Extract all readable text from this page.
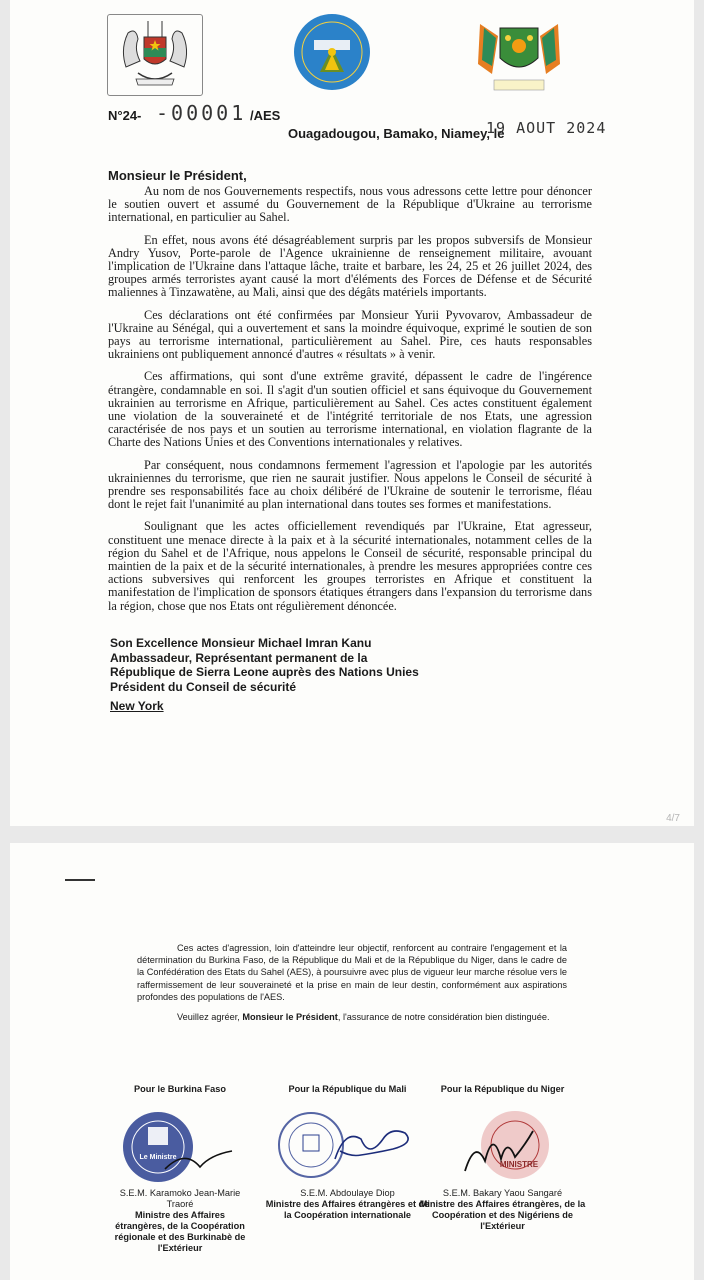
N°24- -00001 /AES
Ouagadougou, Bamako, Niamey, le
19 AOUT 2024
Monsieur le Président,

Au nom de nos Gouvernements respectifs, nous vous adressons cette lettre pour dénoncer le soutien ouvert et assumé du Gouvernement de la République d'Ukraine au terrorisme international, en particulier au Sahel.

En effet, nous avons été désagréablement surpris par les propos subversifs de Monsieur Andry Yusov, Porte-parole de l'Agence ukrainienne de renseignement militaire, avouant l'implication de l'Ukraine dans l'attaque lâche, traite et barbare, les 24, 25 et 26 juillet 2024, des groupes armés terroristes ayant causé la mort d'éléments des Forces de Défense et de Sécurité maliennes à Tinzawatène, au Mali, ainsi que des dégâts matériels importants.

Ces déclarations ont été confirmées par Monsieur Yurii Pyvovarov, Ambassadeur de l'Ukraine au Sénégal, qui a ouvertement et sans la moindre équivoque, exprimé le soutien de son pays au terrorisme international, particulièrement au Sahel. Pire, ces hauts responsables ukrainiens ont publiquement annoncé d'autres « résultats » à venir.

Ces affirmations, qui sont d'une extrême gravité, dépassent le cadre de l'ingérence étrangère, condamnable en soi. Il s'agit d'un soutien officiel et sans équivoque du Gouvernement ukrainien au terrorisme en Afrique, particulièrement au Sahel. Ces actes constituent également une violation de la souveraineté et de l'intégrité territoriale de nos Etats, une agression caractérisée de nos pays et un soutien au terrorisme international, en violation flagrante de la Charte des Nations Unies et des Conventions internationales y relatives.

Par conséquent, nous condamnons fermement l'agression et l'apologie par les autorités ukrainiennes du terrorisme, que rien ne saurait justifier. Nous appelons le Conseil de sécurité à prendre ses responsabilités face au choix délibéré de l'Ukraine de soutenir le terrorisme, fléau dont le rejet fait l'unanimité au plan international dans toutes ses formes et manifestations.

Soulignant que les actes officiellement revendiqués par l'Ukraine, Etat agresseur, constituent une menace directe à la paix et à la sécurité internationales, notamment celles de la région du Sahel et de l'Afrique, nous appelons le Conseil de sécurité, responsable principal du maintien de la paix et de la sécurité internationales, à prendre les mesures appropriées contre ces actions subversives qui renforcent les groupes terroristes en Afrique et constituent la manifestation de l'implication de sponsors étatiques étrangers dans l'expansion du terrorisme dans la région, chose que nos Etats ont régulièrement dénoncée.

Son Excellence Monsieur Michael Imran Kanu
Ambassadeur, Représentant permanent de la
République de Sierra Leone auprès des Nations Unies
Président du Conseil de sécurité
New York
4/7

Ces actes d'agression, loin d'atteindre leur objectif, renforcent au contraire l'engagement et la détermination du Burkina Faso, de la République du Mali et de la République du Niger, dans le cadre de la Confédération des Etats du Sahel (AES), à poursuivre avec plus de vigueur leur marche résolue vers le raffermissement de leur souveraineté et la prise en main de leur destin, conformément aux aspirations profondes des populations de l'AES.

Veuillez agréer, Monsieur le Président, l'assurance de notre considération bien distinguée.

Pour le Burkina Faso
Le Ministre
S.E.M. Karamoko Jean-Marie Traoré
Ministre des Affaires étrangères, de la Coopération régionale et des Burkinabè de l'Extérieur
Pour la République du Mali
S.E.M. Abdoulaye Diop
Ministre des Affaires étrangères et de la Coopération internationale
Pour la République du Niger
MINISTRE
S.E.M. Bakary Yaou Sangaré
Ministre des Affaires étrangères, de la Coopération et des Nigériens de l'Extérieur
